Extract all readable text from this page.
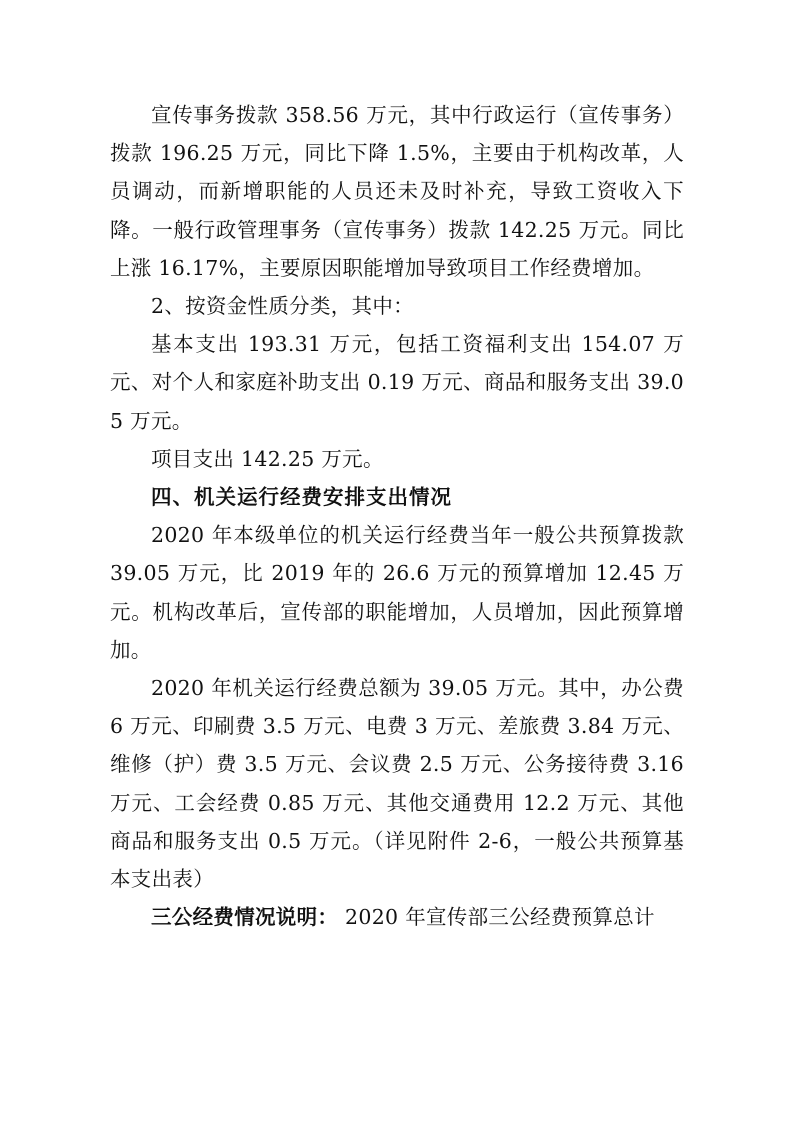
宣传事务拨款 358.56 万元，其中行政运行（宣传事务）拨款 196.25 万元，同比下降 1.5%，主要由于机构改革，人员调动，而新增职能的人员还未及时补充，导致工资收入下降。一般行政管理事务（宣传事务）拨款 142.25 万元。同比上涨 16.17%，主要原因职能增加导致项目工作经费增加。

2、按资金性质分类，其中：

基本支出 193.31 万元，包括工资福利支出 154.07 万元、对个人和家庭补助支出 0.19 万元、商品和服务支出 39.05 万元。

项目支出 142.25 万元。

四、机关运行经费安排支出情况

2020 年本级单位的机关运行经费当年一般公共预算拨款 39.05 万元，比 2019 年的 26.6 万元的预算增加 12.45 万元。机构改革后，宣传部的职能增加，人员增加，因此预算增加。

2020 年机关运行经费总额为 39.05 万元。其中，办公费 6 万元、印刷费 3.5 万元、电费 3 万元、差旅费 3.84 万元、维修（护）费 3.5 万元、会议费 2.5 万元、公务接待费 3.16 万元、工会经费 0.85 万元、其他交通费用 12.2 万元、其他商品和服务支出 0.5 万元。（详见附件 2-6，一般公共预算基本支出表）

三公经费情况说明： 2020 年宣传部三公经费预算总计
